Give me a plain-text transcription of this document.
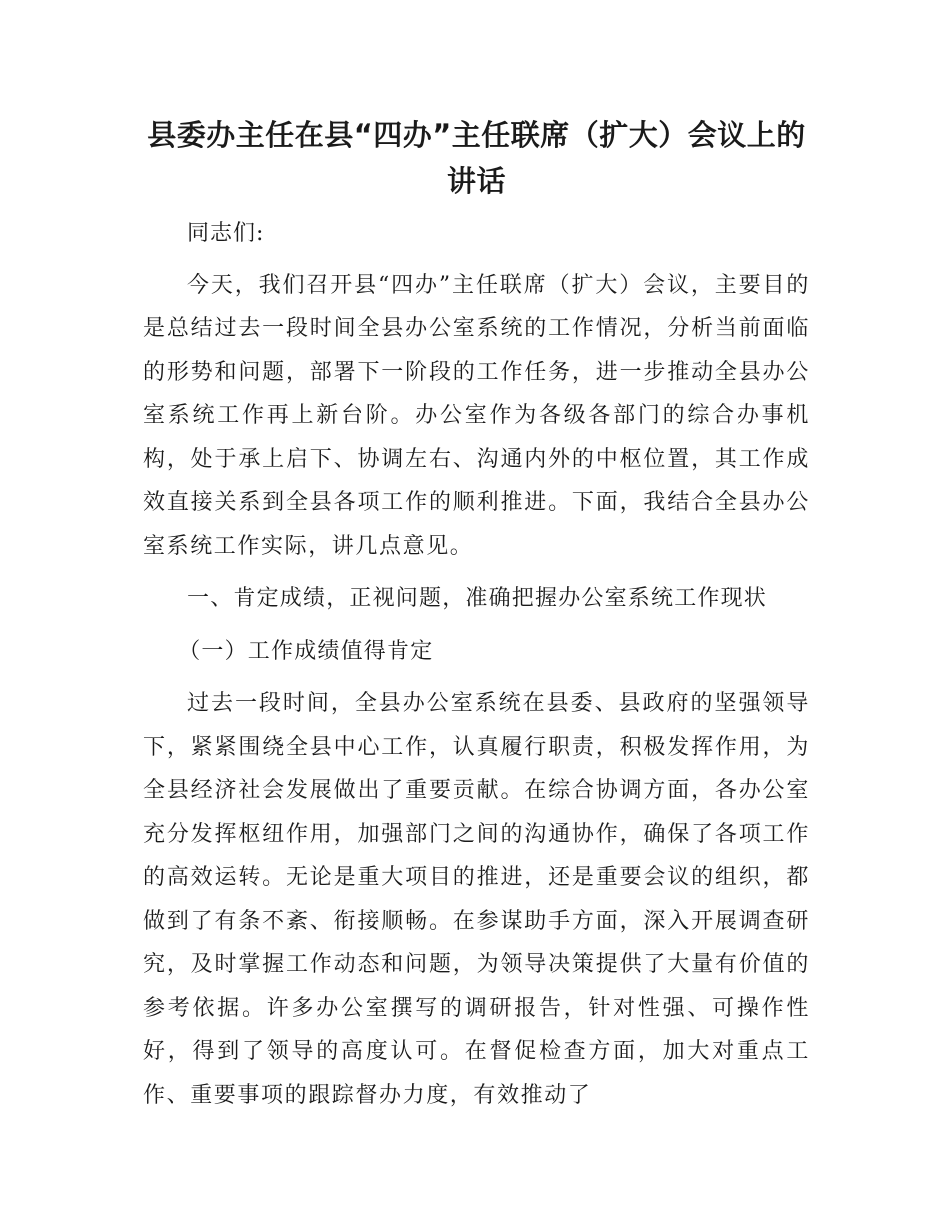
县委办主任在县“四办”主任联席（扩大）会议上的讲话

同志们:

今天，我们召开县“四办”主任联席（扩大）会议，主要目的是总结过去一段时间全县办公室系统的工作情况，分析当前面临的形势和问题，部署下一阶段的工作任务，进一步推动全县办公室系统工作再上新台阶。办公室作为各级各部门的综合办事机构，处于承上启下、协调左右、沟通内外的中枢位置，其工作成效直接关系到全县各项工作的顺利推进。下面，我结合全县办公室系统工作实际，讲几点意见。

一、肯定成绩，正视问题，准确把握办公室系统工作现状

（一）工作成绩值得肯定

过去一段时间，全县办公室系统在县委、县政府的坚强领导下，紧紧围绕全县中心工作，认真履行职责，积极发挥作用，为全县经济社会发展做出了重要贡献。在综合协调方面，各办公室充分发挥枢纽作用，加强部门之间的沟通协作，确保了各项工作的高效运转。无论是重大项目的推进，还是重要会议的组织，都做到了有条不紊、衔接顺畅。在参谋助手方面，深入开展调查研究，及时掌握工作动态和问题，为领导决策提供了大量有价值的参考依据。许多办公室撰写的调研报告，针对性强、可操作性好，得到了领导的高度认可。在督促检查方面，加大对重点工作、重要事项的跟踪督办力度，有效推动了
